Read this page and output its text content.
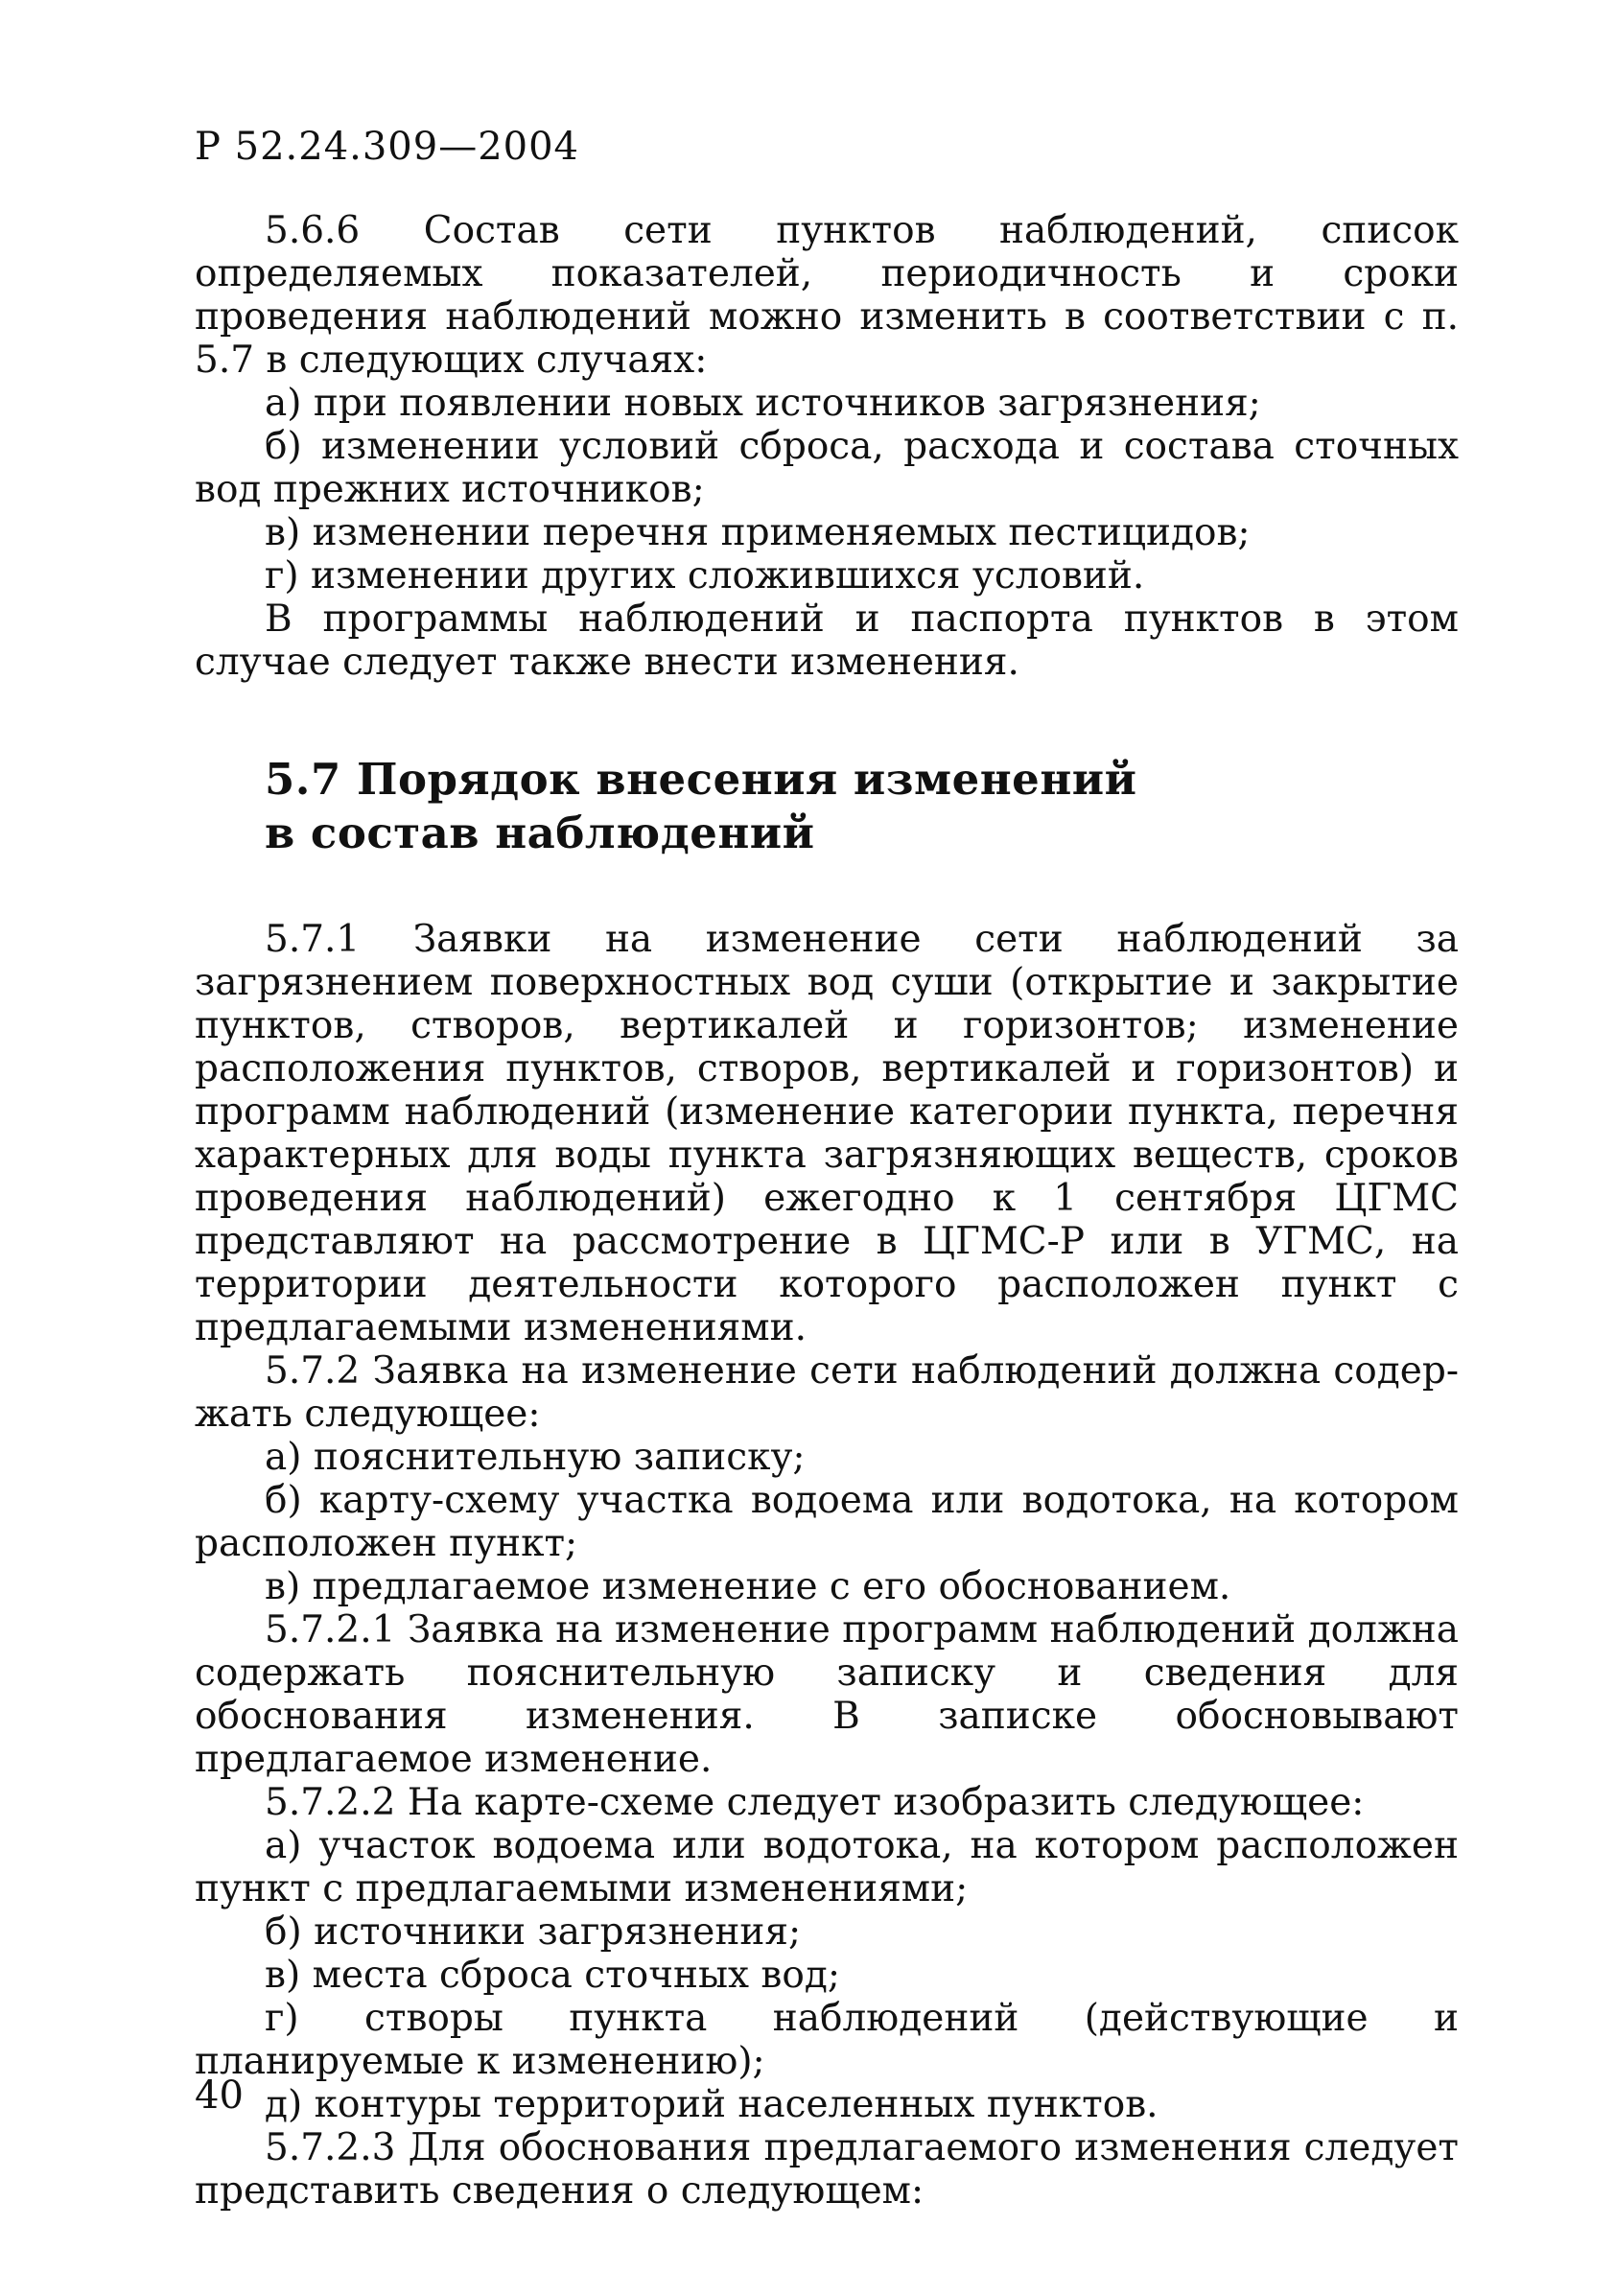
Р 52.24.309—2004

5.6.6 Состав сети пунктов наблюдений, список определяемых показателей, периодичность и сроки проведения наблюдений можно изменить в соответствии с п. 5.7 в следующих случаях:

а) при появлении новых источников загрязнения;

б) изменении условий сброса, расхода и состава сточных вод прежних источников;

в) изменении перечня применяемых пестицидов;

г) изменении других сложившихся условий.

В программы наблюдений и паспорта пунктов в этом случае следует также внести изменения.

5.7 Порядок внесения изменений
в состав наблюдений

5.7.1 Заявки на изменение сети наблюдений за загрязнением поверхностных вод суши (открытие и закрытие пунктов, створов, вертикалей и горизонтов; изменение расположения пунктов, створов, вертикалей и горизонтов) и программ наблюдений (изменение категории пункта, перечня характерных для воды пункта загрязняющих веществ, сроков проведения наблюдений) ежегодно к 1 сентября ЦГМС представляют на рассмотрение в ЦГМС-Р или в УГМС, на территории деятельности которого расположен пункт с предлагаемыми изменениями.

5.7.2 Заявка на изменение сети наблюдений должна содержать следующее:

а) пояснительную записку;

б) карту-схему участка водоема или водотока, на котором расположен пункт;

в) предлагаемое изменение с его обоснованием.

5.7.2.1 Заявка на изменение программ наблюдений должна содержать пояснительную записку и сведения для обоснования изменения. В записке обосновывают предлагаемое изменение.

5.7.2.2 На карте-схеме следует изобразить следующее:

а) участок водоема или водотока, на котором расположен пункт с предлагаемыми изменениями;

б) источники загрязнения;

в) места сброса сточных вод;

г) створы пункта наблюдений (действующие и планируемые к изменению);

д) контуры территорий населенных пунктов.

5.7.2.3 Для обоснования предлагаемого изменения следует представить сведения о следующем:

40
